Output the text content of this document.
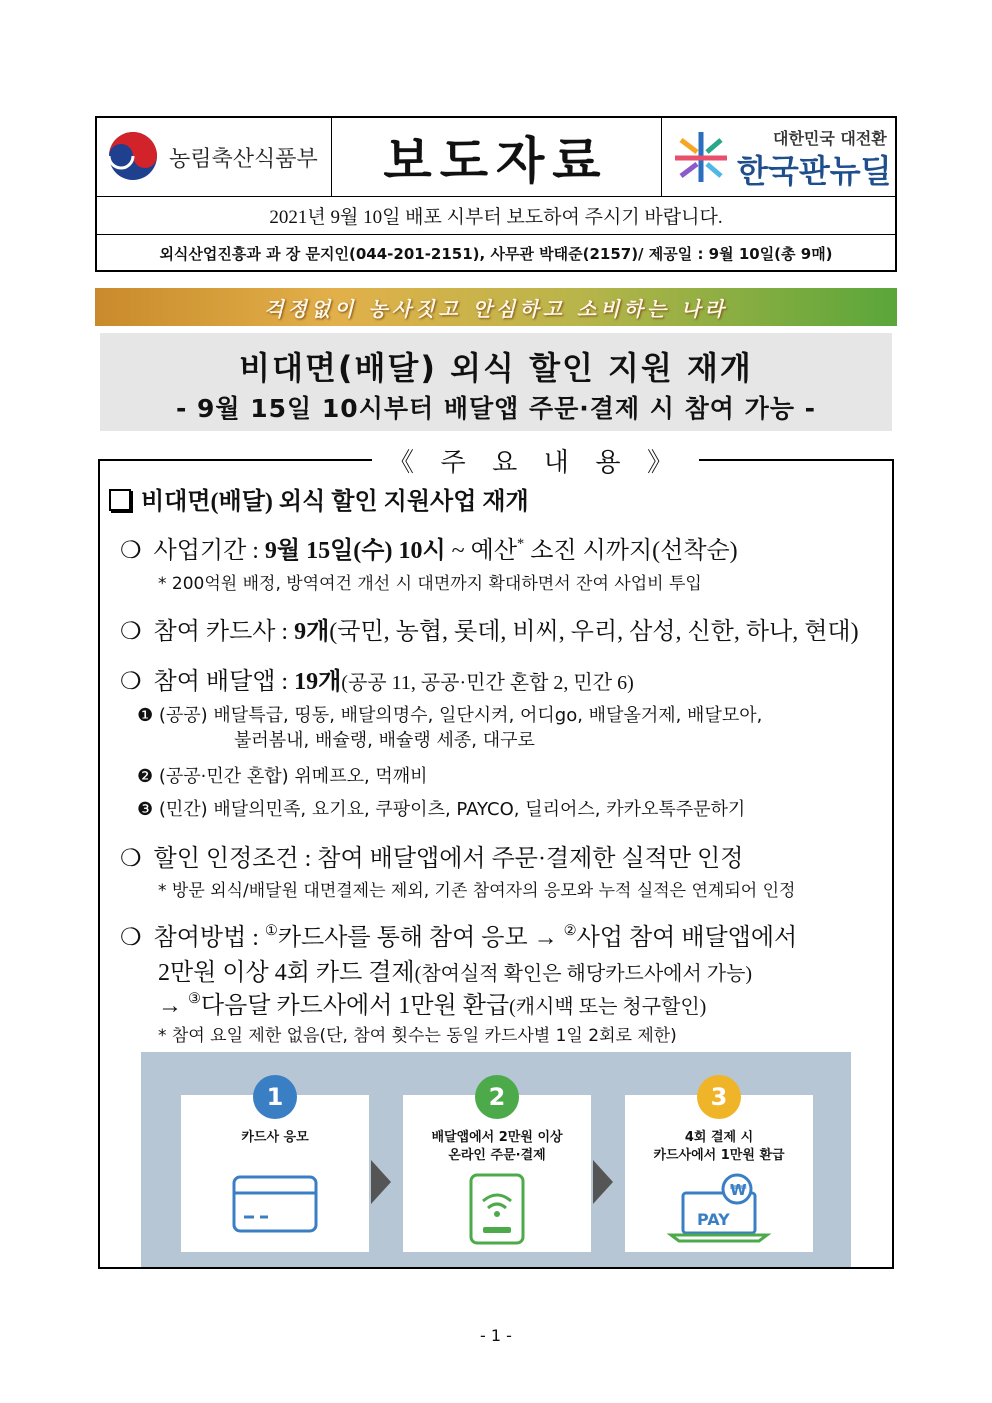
농림축산식품부 보도자료	대한민국 대전환
한국판뉴딜
2021년 9월 10일 배포 시부터 보도하여 주시기 바랍니다.
외식산업진흥과 과 장 문지인(044-201-2151), 사무관 박태준(2157)/ 제공일 : 9월 10일(총 9매)
걱정없이 농사짓고 안심하고 소비하는 나라
비대면(배달) 외식 할인 지원 재개
- 9월 15일 10시부터 배달앱 주문·결제 시 참여 가능 -
《 주 요 내 용 》
비대면(배달) 외식 할인 지원사업 재개
❍  사업기간 : 9월 15일(수) 10시 ~ 예산* 소진 시까지(선착순)
* 200억원 배정, 방역여건 개선 시 대면까지 확대하면서 잔여 사업비 투입
❍  참여 카드사 : 9개(국민, 농협, 롯데, 비씨, 우리, 삼성, 신한, 하나, 현대)
❍  참여 배달앱 : 19개(공공 11, 공공·민간 혼합 2, 민간 6)
❶ (공공) 배달특급, 띵동, 배달의명수, 일단시켜, 어디go, 배달올거제, 배달모아,
불러봄내, 배슐랭, 배슐랭 세종, 대구로
❷ (공공·민간 혼합) 위메프오, 먹깨비
❸ (민간) 배달의민족, 요기요, 쿠팡이츠, PAYCO, 딜리어스, 카카오톡주문하기
❍  할인 인정조건 : 참여 배달앱에서 주문·결제한 실적만 인정
* 방문 외식/배달원 대면결제는 제외, 기존 참여자의 응모와 누적 실적은 연계되어 인정
❍  참여방법 : ①카드사를 통해 참여 응모 → ②사업 참여 배달앱에서
2만원 이상 4회 카드 결제(참여실적 확인은 해당카드사에서 가능)
→ ③다음달 카드사에서 1만원 환급(캐시백 또는 청구할인)
* 참여 요일 제한 없음(단, 참여 횟수는 동일 카드사별 1일 2회로 제한)
1
카드사 응모

2
배달앱에서 2만원 이상
온라인 주문·결제
3
4회 결제 시
카드사에서 1만원 환급
PAY
₩
- 1 -
